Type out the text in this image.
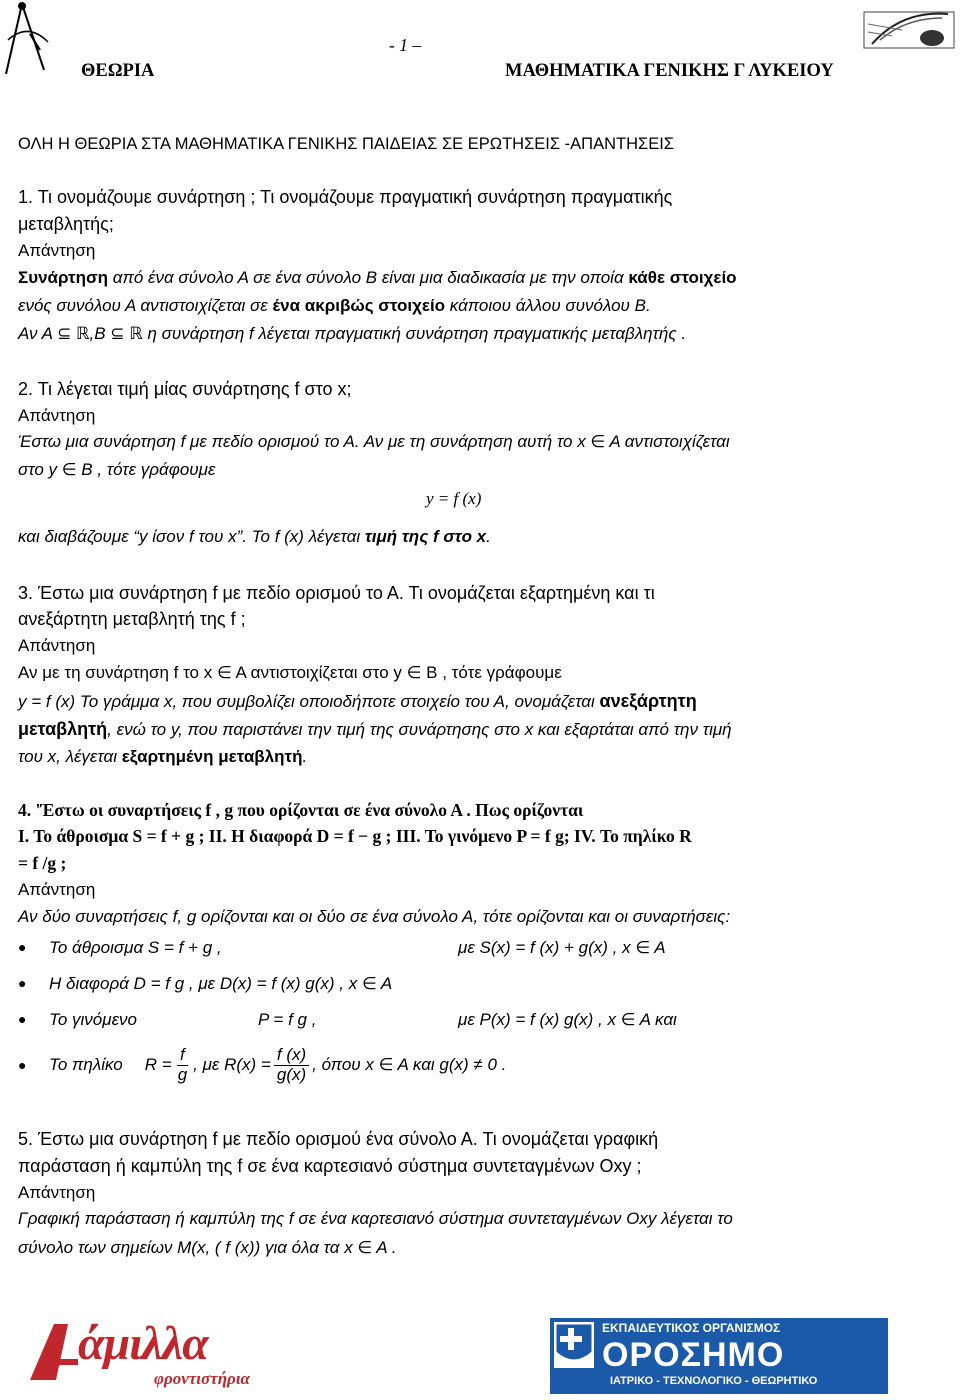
- 1 –
ΘΕΩΡΙΑ	ΜΑΘΗΜΑΤΙΚΑ ΓΕΝΙΚΗΣ Γ ΛΥΚΕΙΟΥ
ΟΛΗ Η ΘΕΩΡΙΑ ΣΤΑ ΜΑΘΗΜΑΤΙΚΑ ΓΕΝΙΚΗΣ ΠΑΙΔΕΙΑΣ ΣΕ ΕΡΩΤΗΣΕΙΣ -ΑΠΑΝΤΗΣΕΙΣ
1. Τι ονομάζουμε συνάρτηση ; Τι ονομάζουμε πραγματική συνάρτηση πραγματικής
μεταβλητής;
Απάντηση
Συνάρτηση από ένα σύνολο Α σε ένα σύνολο Β είναι μια διαδικασία με την οποία κάθε στοιχείο
ενός συνόλου Α αντιστοιχίζεται σε ένα ακριβώς στοιχείο κάποιου άλλου συνόλου Β.
Αν Α ⊆ ℝ,Β ⊆ ℝ η συνάρτηση f λέγεται πραγματική συνάρτηση πραγματικής μεταβλητής .
2. Τι λέγεται τιμή μίας συνάρτησης f στο x;
Απάντηση
Έστω μια συνάρτηση f με πεδίο ορισμού το Α. Αν με τη συνάρτηση αυτή το x ∈ A αντιστοιχίζεται
στο y ∈ B , τότε γράφουμε
y = f (x)
και διαβάζουμε “y ίσον f του x”. Το f (x) λέγεται τιμή της f στο x.
3. Έστω μια συνάρτηση f με πεδίο ορισμού το Α. Τι ονομάζεται εξαρτημένη και τι
ανεξάρτητη μεταβλητή της f ;
Απάντηση
Αν με τη συνάρτηση f το x ∈ A αντιστοιχίζεται στο y ∈ B , τότε γράφουμε
y = f (x) Το γράμμα x, που συμβολίζει οποιοδήποτε στοιχείο του Α, ονομάζεται ανεξάρτητη
μεταβλητή, ενώ το y, που παριστάνει την τιμή της συνάρτησης στο x και εξαρτάται από την τιμή
του x, λέγεται εξαρτημένη μεταβλητή.
4. 'Έστω οι συναρτήσεις f , g που ορίζονται σε ένα σύνολο Α . Πως ορίζονται
Ι. Το άθροισμα S = f + g ; ΙΙ. Η διαφορά D = f − g ; ΙΙΙ. Το γινόμενο P = f g; IV. Το πηλίκο R
= f /g ;
Απάντηση
Αν δύο συναρτήσεις f, g ορίζονται και οι δύο σε ένα σύνολο Α, τότε ορίζονται και οι συναρτήσεις:
● Το άθροισμα S = f + g ,	με S(x) = f (x) + g(x) , x ∈ A
● Η διαφορά D = f g , με D(x) = f (x) g(x) , x ∈ A
● Το γινόμενο	P = f g ,	με P(x) = f (x) g(x) , x ∈ A και
● Το πηλίκο $R = \frac{f}{g}$ , με $R(x) = \frac{f (x)}{g(x)}$ , όπου x ∈ A και g(x) ≠ 0 .
5. Έστω μια συνάρτηση f με πεδίο ορισμού ένα σύνολο Α. Τι ονομάζεται γραφική
παράσταση ή καμπύλη της f σε ένα καρτεσιανό σύστημα συντεταγμένων Oxy ;
Απάντηση
Γραφική παράσταση ή καμπύλη της f σε ένα καρτεσιανό σύστημα συντεταγμένων Oxy λέγεται το
σύνολο των σημείων M(x, ( f (x)) για όλα τα x ∈ A .
άμιλλα
φροντιστήρια
ΕΚΠΑΙΔΕΥΤΙΚΟΣ ΟΡΓΑΝΙΣΜΟΣ
ΟΡΟΣΗΜΟ
ΙΑΤΡΙΚΟ - ΤΕΧΝΟΛΟΓΙΚΟ - ΘΕΩΡΗΤΙΚΟ
